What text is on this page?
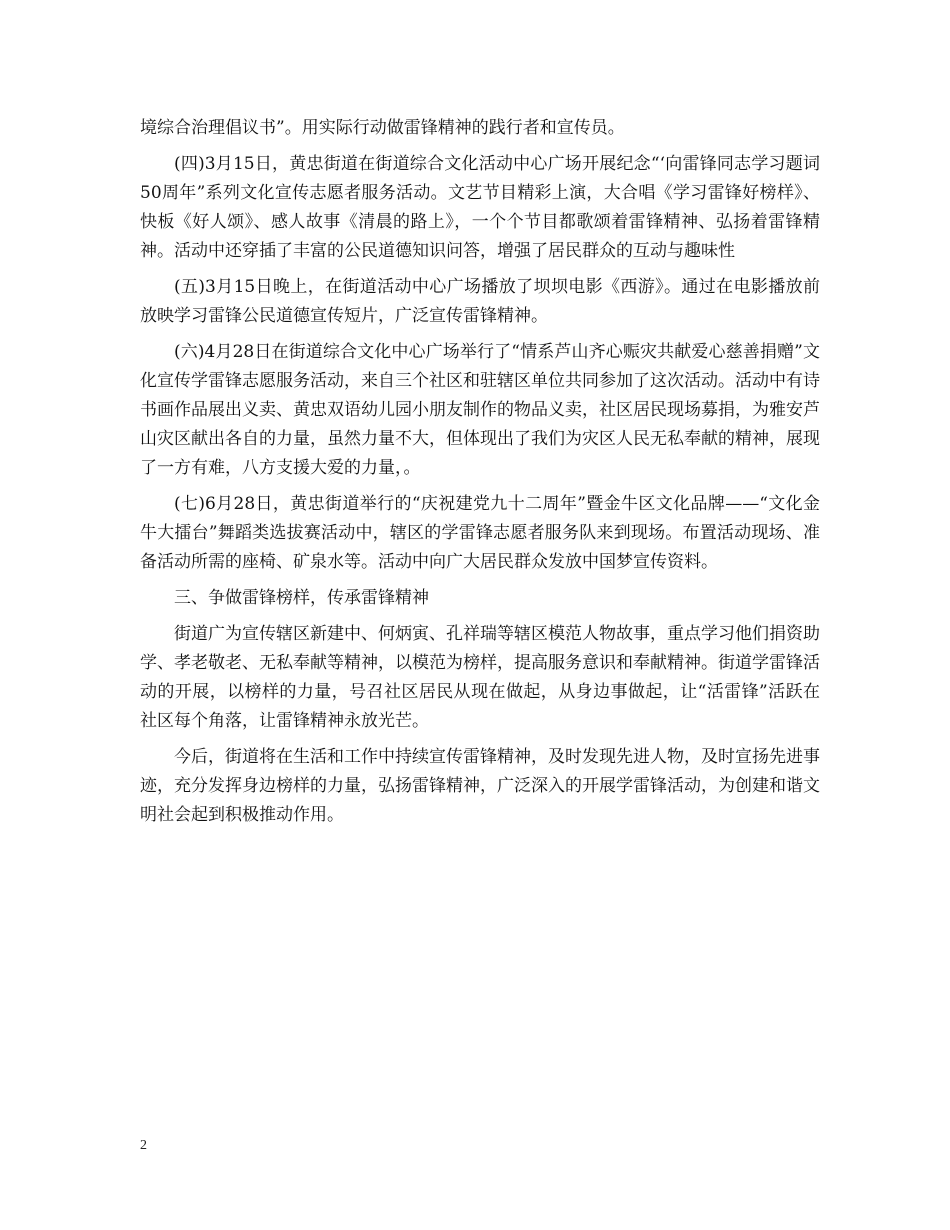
境综合治理倡议书”。用实际行动做雷锋精神的践行者和宣传员。

(四)3月15日，黄忠街道在街道综合文化活动中心广场开展纪念“‘向雷锋同志学习题词50周年”系列文化宣传志愿者服务活动。文艺节目精彩上演，大合唱《学习雷锋好榜样》、快板《好人颂》、感人故事《清晨的路上》，一个个节目都歌颂着雷锋精神、弘扬着雷锋精神。活动中还穿插了丰富的公民道德知识问答，增强了居民群众的互动与趣味性

(五)3月15日晚上，在街道活动中心广场播放了坝坝电影《西游》。通过在电影播放前放映学习雷锋公民道德宣传短片，广泛宣传雷锋精神。

(六)4月28日在街道综合文化中心广场举行了“情系芦山齐心赈灾共献爱心慈善捐赠”文化宣传学雷锋志愿服务活动，来自三个社区和驻辖区单位共同参加了这次活动。活动中有诗书画作品展出义卖、黄忠双语幼儿园小朋友制作的物品义卖，社区居民现场募捐，为雅安芦山灾区献出各自的力量，虽然力量不大，但体现出了我们为灾区人民无私奉献的精神，展现了一方有难，八方支援大爱的力量，。

(七)6月28日，黄忠街道举行的“庆祝建党九十二周年”暨金牛区文化品牌——“文化金牛大擂台”舞蹈类选拔赛活动中，辖区的学雷锋志愿者服务队来到现场。布置活动现场、准备活动所需的座椅、矿泉水等。活动中向广大居民群众发放中国梦宣传资料。

三、争做雷锋榜样，传承雷锋精神

街道广为宣传辖区新建中、何炳寅、孔祥瑞等辖区模范人物故事，重点学习他们捐资助学、孝老敬老、无私奉献等精神，以模范为榜样，提高服务意识和奉献精神。街道学雷锋活动的开展，以榜样的力量，号召社区居民从现在做起，从身边事做起，让“活雷锋”活跃在社区每个角落，让雷锋精神永放光芒。

今后，街道将在生活和工作中持续宣传雷锋精神，及时发现先进人物，及时宣扬先进事迹，充分发挥身边榜样的力量，弘扬雷锋精神，广泛深入的开展学雷锋活动，为创建和谐文明社会起到积极推动作用。

2
